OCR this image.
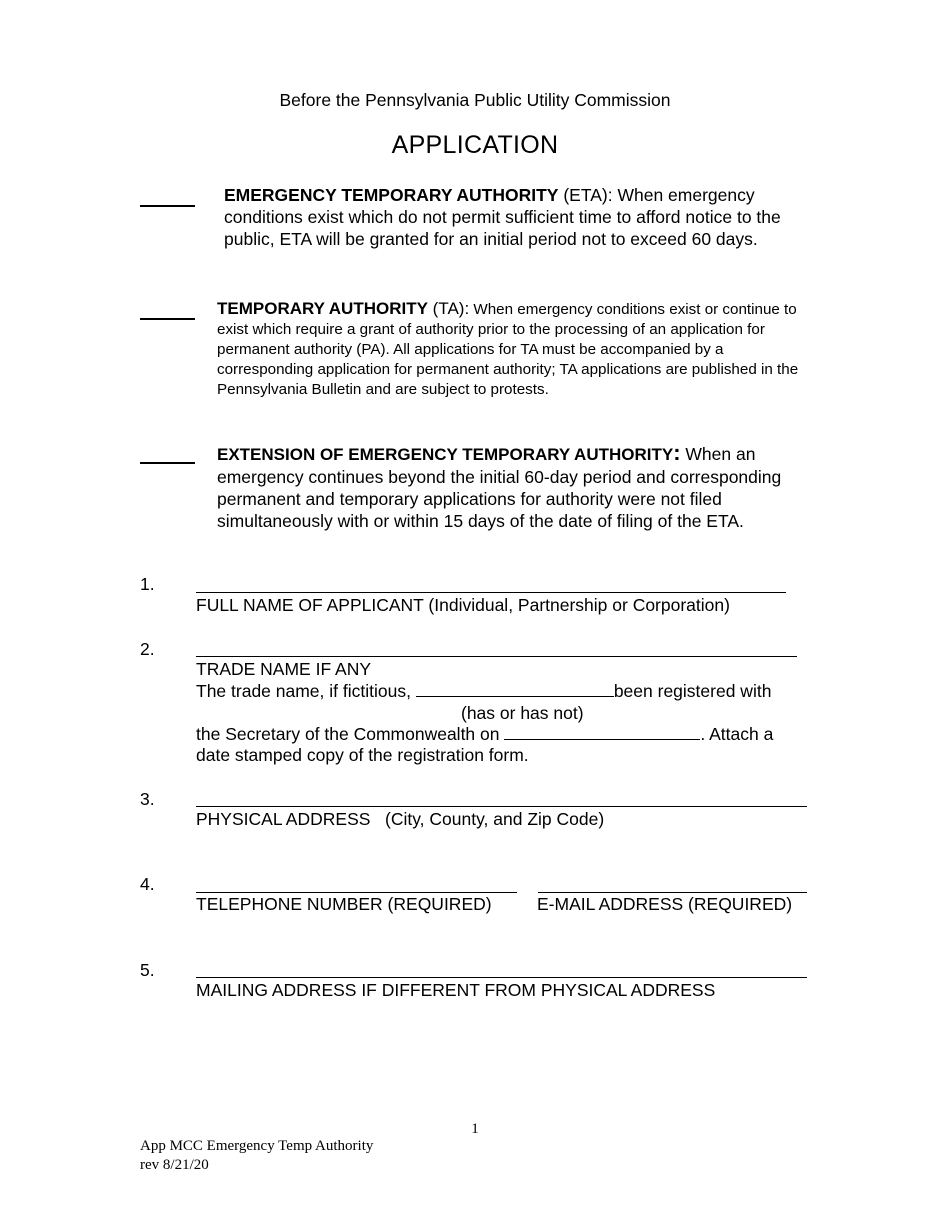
Before the Pennsylvania Public Utility Commission
APPLICATION
EMERGENCY TEMPORARY AUTHORITY (ETA): When emergency conditions exist which do not permit sufficient time to afford notice to the public, ETA will be granted for an initial period not to exceed 60 days.
TEMPORARY AUTHORITY (TA): When emergency conditions exist or continue to exist which require a grant of authority prior to the processing of an application for permanent authority (PA). All applications for TA must be accompanied by a corresponding application for permanent authority; TA applications are published in the Pennsylvania Bulletin and are subject to protests.
EXTENSION OF EMERGENCY TEMPORARY AUTHORITY: When an emergency continues beyond the initial 60-day period and corresponding permanent and temporary applications for authority were not filed simultaneously with or within 15 days of the date of filing of the ETA.
1.
FULL NAME OF APPLICANT (Individual, Partnership or Corporation)
2.
TRADE NAME IF ANY
The trade name, if fictitious,	been registered with
(has or has not)
the Secretary of the Commonwealth on	. Attach a
date stamped copy of the registration form.
3.
PHYSICAL ADDRESS   (City, County, and Zip Code)
4.
TELEPHONE NUMBER (REQUIRED)	E-MAIL ADDRESS (REQUIRED)
5.
MAILING ADDRESS IF DIFFERENT FROM PHYSICAL ADDRESS
1
App MCC Emergency Temp Authority
rev 8/21/20
